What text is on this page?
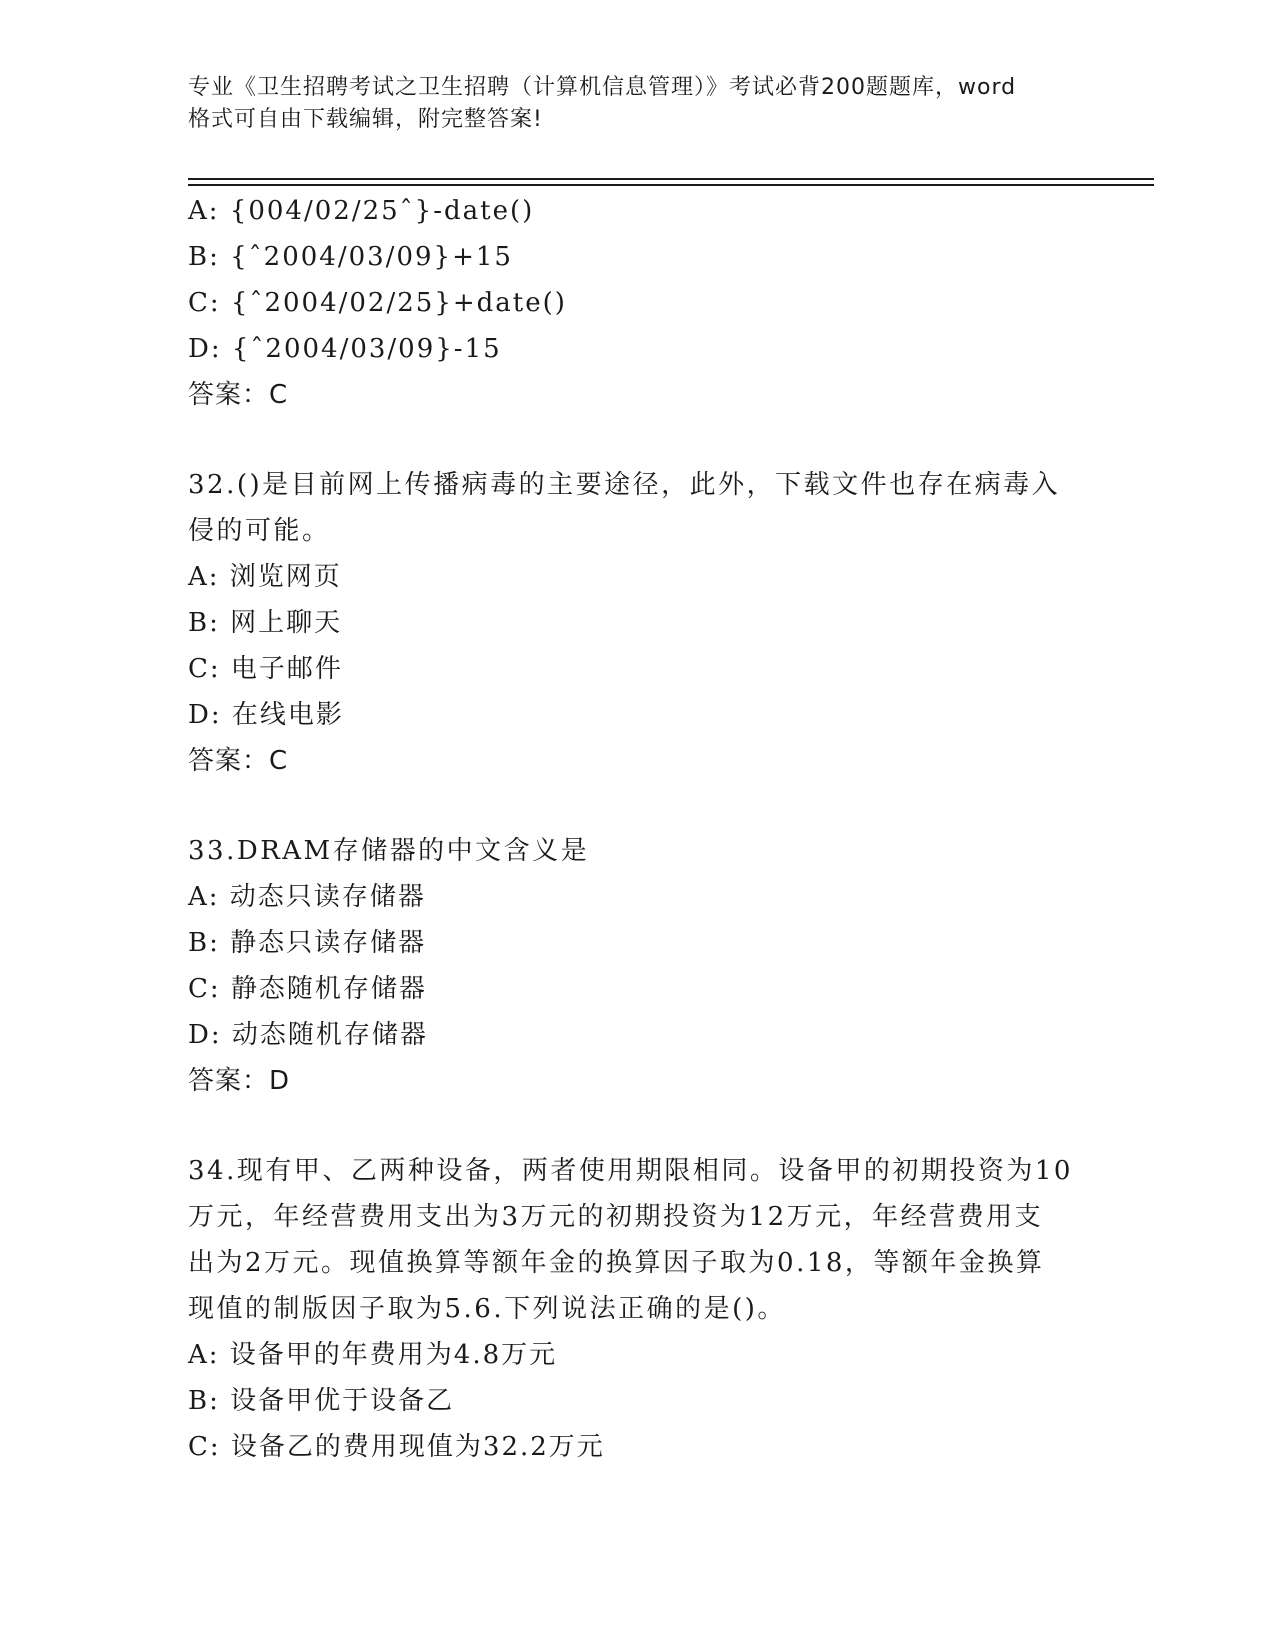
专业《卫生招聘考试之卫生招聘（计算机信息管理）》考试必背200题题库，word
格式可自由下载编辑，附完整答案!
A: {004/02/25ˆ}-date()
B: {ˆ2004/03/09}+15
C: {ˆ2004/02/25}+date()
D: {ˆ2004/03/09}-15
答案：C
32.()是目前网上传播病毒的主要途径，此外，下载文件也存在病毒入
侵的可能。
A: 浏览网页
B: 网上聊天
C: 电子邮件
D: 在线电影
答案：C
33.DRAM存储器的中文含义是
A: 动态只读存储器
B: 静态只读存储器
C: 静态随机存储器
D: 动态随机存储器
答案：D
34.现有甲、乙两种设备，两者使用期限相同。设备甲的初期投资为10
万元，年经营费用支出为3万元的初期投资为12万元，年经营费用支
出为2万元。现值换算等额年金的换算因子取为0.18，等额年金换算
现值的制版因子取为5.6.下列说法正确的是()。
A: 设备甲的年费用为4.8万元
B: 设备甲优于设备乙
C: 设备乙的费用现值为32.2万元
